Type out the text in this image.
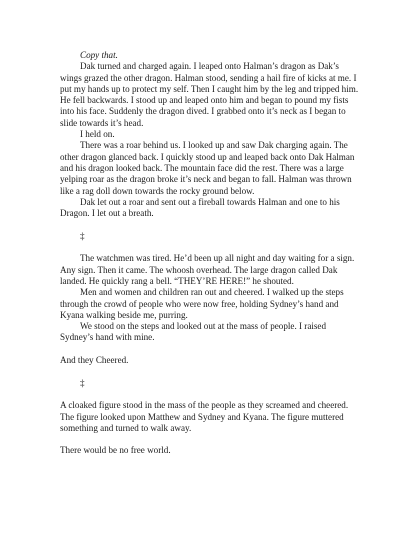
Copy that.

Dak turned and charged again. I leaped onto Halman’s dragon as Dak’s wings grazed the other dragon. Halman stood, sending a hail fire of kicks at me. I put my hands up to protect my self. Then I caught him by the leg and tripped him. He fell backwards. I stood up and leaped onto him and began to pound my fists into his face. Suddenly the dragon dived. I grabbed onto it’s neck as I began to slide towards it’s head.

I held on.

There was a roar behind us. I looked up and saw Dak charging again. The other dragon glanced back. I quickly stood up and leaped back onto Dak Halman and his dragon looked back. The mountain face did the rest. There was a large yelping roar as the dragon broke it’s neck and began to fall. Halman was thrown like a rag doll down towards the rocky ground below.

Dak let out a roar and sent out a fireball towards Halman and one to his Dragon. I let out a breath.

‡

The watchmen was tired. He’d been up all night and day waiting for a sign. Any sign. Then it came. The whoosh overhead. The large dragon called Dak landed. He quickly rang a bell. “THEY’RE HERE!” he shouted.

Men and women and children ran out and cheered. I walked up the steps through the crowd of people who were now free, holding Sydney’s hand and Kyana walking beside me, purring.

We stood on the steps and looked out at the mass of people. I raised Sydney’s hand with mine.

And they Cheered.

‡

A cloaked figure stood in the mass of the people as they screamed and cheered. The figure looked upon Matthew and Sydney and Kyana. The figure muttered something and turned to walk away.

There would be no free world.
